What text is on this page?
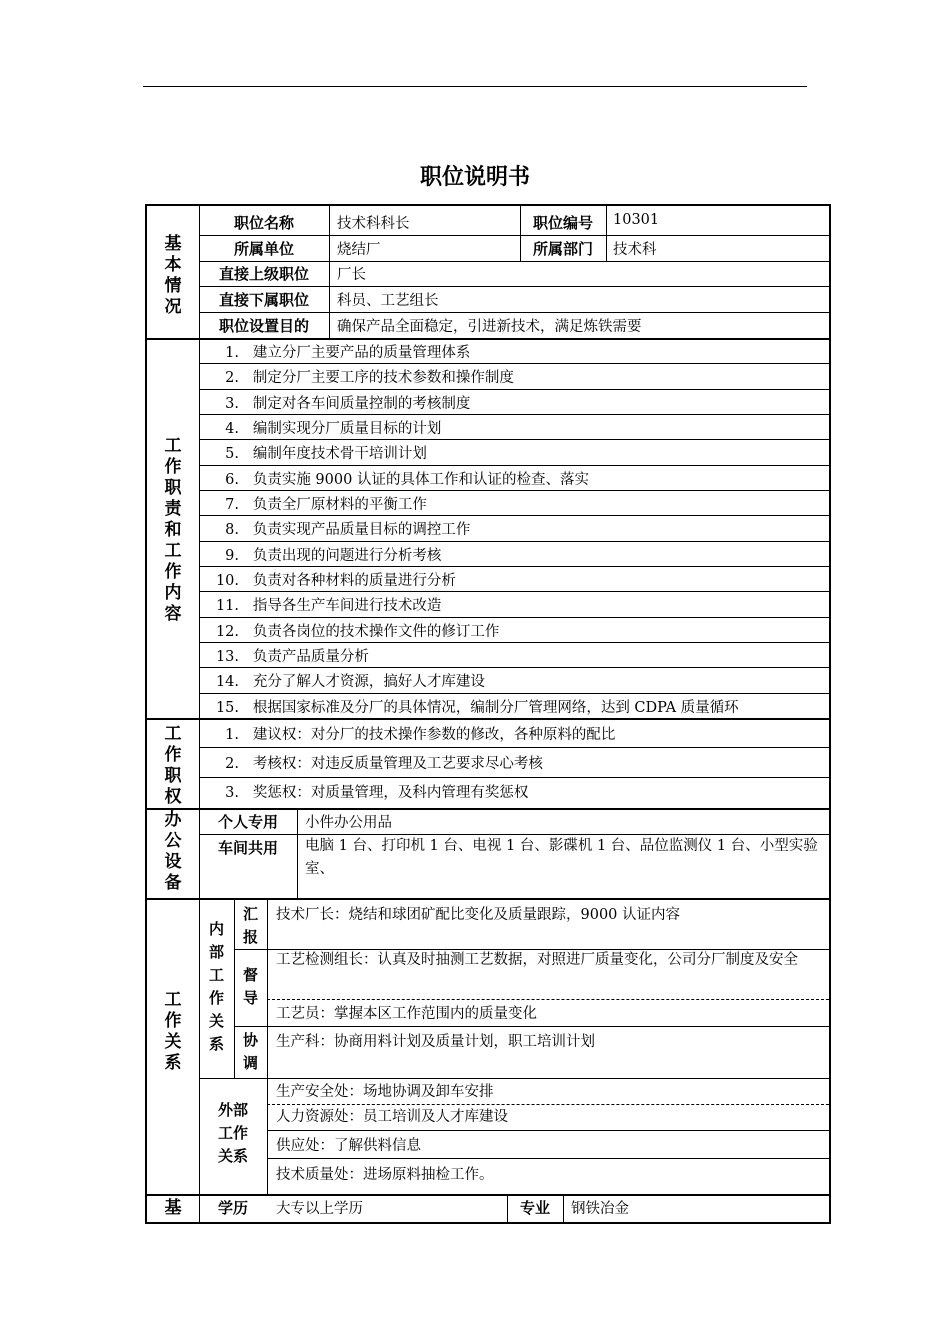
职位说明书
基
本
情
况
职位名称	技术科科长	职位编号	10301
所属单位	烧结厂	所属部门	技术科
直接上级职位	厂长
直接下属职位	科员、工艺组长
职位设置目的	确保产品全面稳定，引进新技术，满足炼铁需要
工
作
职
责
和
工
作
内
容
1. 建立分厂主要产品的质量管理体系
2. 制定分厂主要工序的技术参数和操作制度
3. 制定对各车间质量控制的考核制度
4. 编制实现分厂质量目标的计划
5. 编制年度技术骨干培训计划
6. 负责实施 9000 认证的具体工作和认证的检查、落实
7. 负责全厂原材料的平衡工作
8. 负责实现产品质量目标的调控工作
9. 负责出现的问题进行分析考核
10. 负责对各种材料的质量进行分析
11. 指导各生产车间进行技术改造
12. 负责各岗位的技术操作文件的修订工作
13. 负责产品质量分析
14. 充分了解人才资源，搞好人才库建设
15. 根据国家标准及分厂的具体情况，编制分厂管理网络，达到 CDPA 质量循环
工
作
职
权
1. 建议权：对分厂的技术操作参数的修改，各种原料的配比
2. 考核权：对违反质量管理及工艺要求尽心考核
3. 奖惩权：对质量管理，及科内管理有奖惩权
办
公
设
备
个人专用	小件办公用品
车间共用	电脑 1 台、打印机 1 台、电视 1 台、影碟机 1 台、品位监测仪 1 台、小型实验室、
工
作
关
系
内
部
工
作
关
系
汇
报
技术厂长：烧结和球团矿配比变化及质量跟踪，9000 认证内容
督
导
工艺检测组长：认真及时抽测工艺数据，对照进厂质量变化，公司分厂制度及安全
工艺员：掌握本区工作范围内的质量变化
协
调
生产科：协商用料计划及质量计划，职工培训计划
外部
工作
关系
生产安全处：场地协调及卸车安排
人力资源处：员工培训及人才库建设
供应处：了解供料信息
技术质量处：进场原料抽检工作。
基	学历	大专以上学历	专业	钢铁冶金
